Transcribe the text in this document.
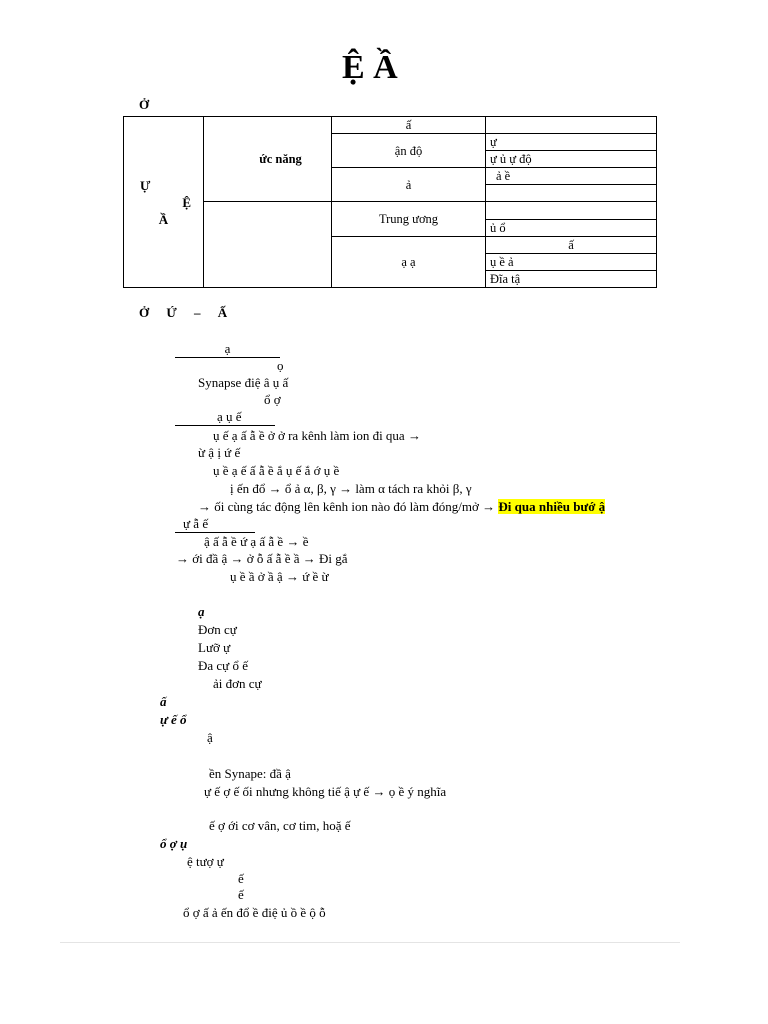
Ệ Ầ
Ở
Ự
Ệ
Ầ	ức năng	ấ	
		ận độ	ự
			ự ủ ự độ
		ả	ả ề

		Trung ương	
			ủ ổ
		ạ ạ	ấ
			ụ ề ả
			Đĩa tậ
Ở Ứ – Ấ
ạ
ọ
Synapse điệ â ụ ấ
ổ ợ
ạ ụ ế
ụ ế ạ ấ ẫ ề ở ở ra kênh làm ion đi qua →
ừ ậ ị ứ ế
ụ ề ạ ế ấ ẫ ề ắ ụ ế ắ ớ ụ ề
ị ến đổ → ổ ả α, β, γ → làm α tách ra khỏi β, γ
→ ối cùng tác động lên kênh ion nào đó làm đóng/mở → Đi qua nhiều bướ ậ
ự ẫ ế
ậ ấ ẫ ề ứ ạ ấ ẫ ề → ề
→ ới đầ ậ → ở ỗ ấ ẫ ề ầ → Đi gắ
ụ ề ầ ở ầ ậ → ứ ề ừ
ạ
Đơn cự
Lưỡ ự
Đa cự ổ ế
ải đơn cự
ấ
ự ế ổ
ậ
ền Synape: đầ ậ
ự ế ợ ế ối nhưng không tiế ậ ự ế → ọ ề ý nghĩa
ế ợ ới cơ vân, cơ tim, hoặ ế
ổ ợ ụ
ệ tượ ự
ế
ế
ổ ợ ấ ả ến đổ ề điệ ủ ồ ề ộ ỗ
